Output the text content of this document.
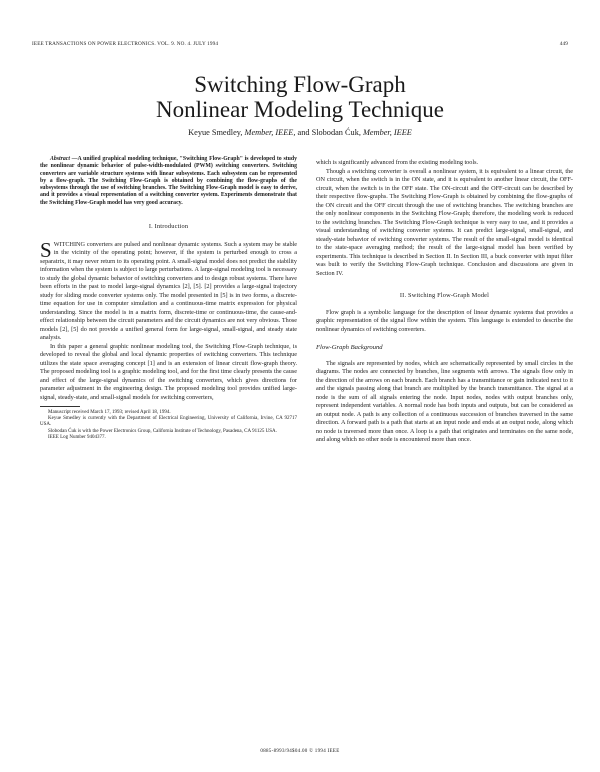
IEEE TRANSACTIONS ON POWER ELECTRONICS. VOL. 9. NO. 4. JULY 1994	449
Switching Flow-Graph
Nonlinear Modeling Technique
Keyue Smedley, Member, IEEE, and Slobodan Ćuk, Member, IEEE

Abstract —A unified graphical modeling technique, "Switching Flow-Graph" is developed to study the nonlinear dynamic behavior of pulse-width-modulated (PWM) switching converters. Switching converters are variable structure systems with linear subsystems. Each subsystem can be represented by a flow-graph. The Switching Flow-Graph is obtained by combining the flow-graphs of the subsystems through the use of switching branches. The Switching Flow-Graph model is easy to derive, and it provides a visual representation of a switching converter system. Experiments demonstrate that the Switching Flow-Graph model has very good accuracy.

I. Introduction

SWITCHING converters are pulsed and nonlinear dynamic systems. Such a system may be stable in the vicinity of the operating point; however, if the system is perturbed enough to cross a separatrix, it may never return to its operating point. A small-signal model does not predict the stability information when the system is subject to large perturbations. A large-signal modeling tool is necessary to study the global dynamic behavior of switching converters and to design robust systems. There have been efforts in the past to model large-signal dynamics [2], [5]. [2] provides a large-signal trajectory study for sliding mode converter systems only. The model presented in [5] is in two forms, a discrete-time equation for use in computer simulation and a continuous-time matrix expression for physical understanding. Since the model is in a matrix form, discrete-time or continuous-time, the cause-and-effect relationship between the circuit parameters and the circuit dynamics are not very obvious. Those models [2], [5] do not provide a unified general form for large-signal, small-signal, and steady state analysis.

In this paper a general graphic nonlinear modeling tool, the Switching Flow-Graph technique, is developed to reveal the global and local dynamic properties of switching converters. This technique utilizes the state space averaging concept [1] and is an extension of linear circuit flow-graph theory. The proposed modeling tool is a graphic modeling tool, and for the first time clearly presents the cause and effect of the large-signal dynamics of the switching converters, which gives directions for parameter adjustment in the engineering design. The proposed modeling tool provides unified large-signal, steady-state, and small-signal models for switching converters,

Manuscript received March 17, 1993; revised April 18, 1994.
Keyue Smedley is currently with the Department of Electrical Engineering, University of California, Irvine, CA 92717 USA.
Slobodan Ćuk is with the Power Electronics Group, California Institute of Technology, Pasadena, CA 91125 USA.
IEEE Log Number 9404377.

which is significantly advanced from the existing modeling tools.

Though a switching converter is overall a nonlinear system, it is equivalent to a linear circuit, the ON circuit, when the switch is in the ON state, and it is equivalent to another linear circuit, the OFF-circuit, when the switch is in the OFF state. The ON-circuit and the OFF-circuit can be described by their respective flow-graphs. The Switching Flow-Graph is obtained by combining the flow-graphs of the ON circuit and the OFF circuit through the use of switching branches. The switching branches are the only nonlinear components in the Switching Flow-Graph; therefore, the modeling work is reduced to the switching branches. The Switching Flow-Graph technique is very easy to use, and it provides a visual understanding of switching converter systems. It can predict large-signal, small-signal, and steady-state behavior of switching converter systems. The result of the small-signal model is identical to the state-space averaging method; the result of the large-signal model has been verified by experiments. This technique is described in Section II. In Section III, a buck converter with input filter was built to verify the Switching Flow-Graph technique. Conclusion and discussions are given in Section IV.

II. Switching Flow-Graph Model

Flow graph is a symbolic language for the description of linear dynamic systems that provides a graphic representation of the signal flow within the system. This language is extended to describe the nonlinear dynamics of switching converters.

Flow-Graph Background

The signals are represented by nodes, which are schematically represented by small circles in the diagrams. The nodes are connected by branches, line segments with arrows. The signals flow only in the direction of the arrows on each branch. Each branch has a transmittance or gain indicated next to it and the signals passing along that branch are multiplied by the branch transmittance. The signal at a node is the sum of all signals entering the node. Input nodes, nodes with output branches only, represent independent variables. A normal node has both inputs and outputs, but can be considered as an output node. A path is any collection of a continuous succession of branches traversed in the same direction. A forward path is a path that starts at an input node and ends at an output node, along which no node is traversed more than once. A loop is a path that originates and terminates on the same node, and along which no other node is encountered more than once.

0885-8993/94$04.00 © 1994 IEEE
